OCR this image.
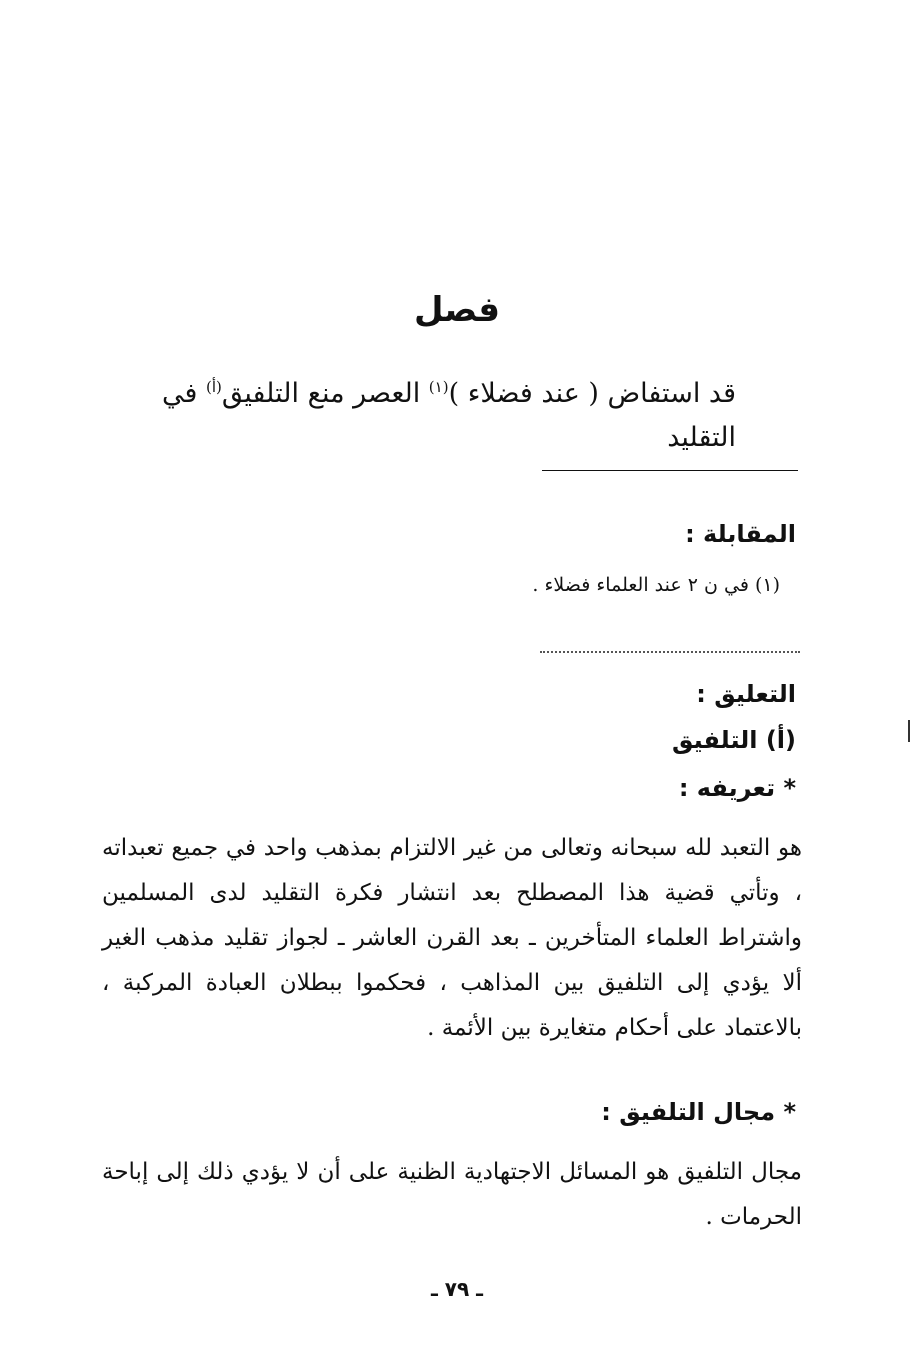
فصل
قد استفاض ( عند فضلاء )$^{(١)}$ العصر منع التلفيق$^{(أ)}$ في التقليد
المقابلة :
(١) في ن ٢ عند العلماء فضلاء .
التعليق :
(أ) التلفيق
* تعريفه :
هو التعبد لله سبحانه وتعالى من غير الالتزام بمذهب واحد في جميع تعبداته ، وتأتي قضية هذا المصطلح بعد انتشار فكرة التقليد لدى المسلمين واشتراط العلماء المتأخرين ـ بعد القرن العاشر ـ لجواز تقليد مذهب الغير ألا يؤدي إلى التلفيق بين المذاهب ، فحكموا ببطلان العبادة المركبة ، بالاعتماد على أحكام متغايرة بين الأئمة .
* مجال التلفيق :
مجال التلفيق هو المسائل الاجتهادية الظنية على أن لا يؤدي ذلك إلى إباحة الحرمات .
ـ ٧٩ ـ
